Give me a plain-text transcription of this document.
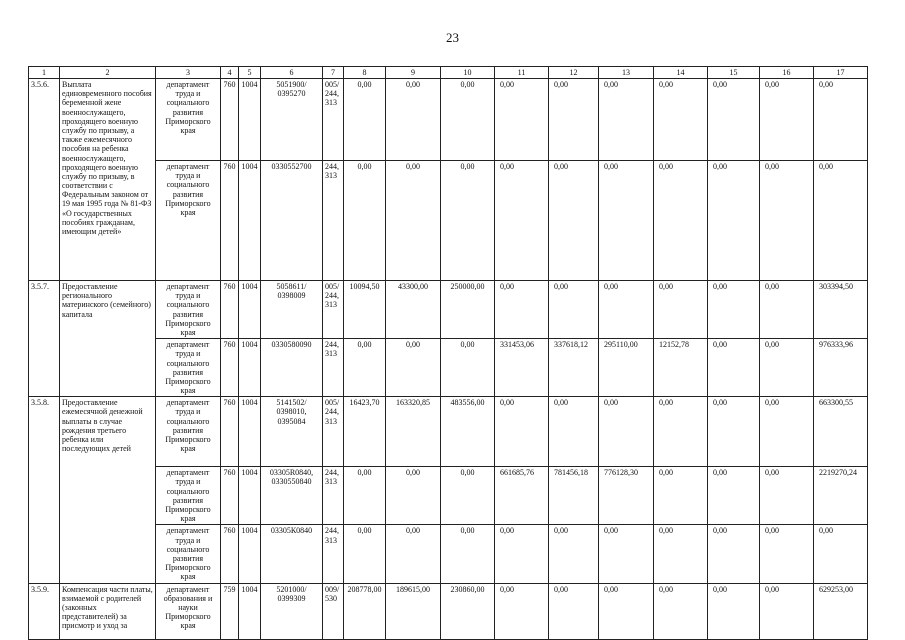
23
1	2	3	4	5	6	7	8	9	10	11	12	13	14	15	16	17
3.5.6.	Выплата единовременного пособия беременной жене военнослужащего, проходящего военную службу по призыву, а также ежемесячного пособия на ребенка военнослужащего, проходящего военную службу по призыву, в соответствии с Федеральным законом от 19 мая 1995 года № 81-ФЗ «О государственных пособиях гражданам, имеющим детей»	департамент труда и социального развития Приморского края	760	1004	5051900/ 0395270	005/ 244, 313	0,00	0,00	0,00	0,00	0,00	0,00	0,00	0,00	0,00	0,00
		департамент труда и социального развития Приморского края	760	1004	0330552700	244, 313	0,00	0,00	0,00	0,00	0,00	0,00	0,00	0,00	0,00	0,00
3.5.7.	Предоставление регионального материнского (семейного) капитала	департамент труда и социального развития Приморского края	760	1004	5058611/ 0398009	005/ 244, 313	10094,50	43300,00	250000,00	0,00	0,00	0,00	0,00	0,00	0,00	303394,50
		департамент труда и социального развития Приморского края	760	1004	0330580090	244, 313	0,00	0,00	0,00	331453,06	337618,12	295110,00	12152,78	0,00	0,00	976333,96
3.5.8.	Предоставление ежемесячной денежной выплаты в случае рождения третьего ребенка или последующих детей	департамент труда и социального развития Приморского края	760	1004	5141502/ 0398010, 0395084	005/ 244, 313	16423,70	163320,85	483556,00	0,00	0,00	0,00	0,00	0,00	0,00	663300,55
		департамент труда и социального развития Приморского края	760	1004	03305R0840, 0330550840	244, 313	0,00	0,00	0,00	661685,76	781456,18	776128,30	0,00	0,00	0,00	2219270,24
		департамент труда и социального развития Приморского края	760	1004	03305К0840	244, 313	0,00	0,00	0,00	0,00	0,00	0,00	0,00	0,00	0,00	0,00
3.5.9.	Компенсация части платы, взимаемой с родителей (законных представителей) за присмотр и уход за	департамент образования и науки Приморского края	759	1004	5201000/ 0399309	009/ 530	208778,00	189615,00	230860,00	0,00	0,00	0,00	0,00	0,00	0,00	629253,00
